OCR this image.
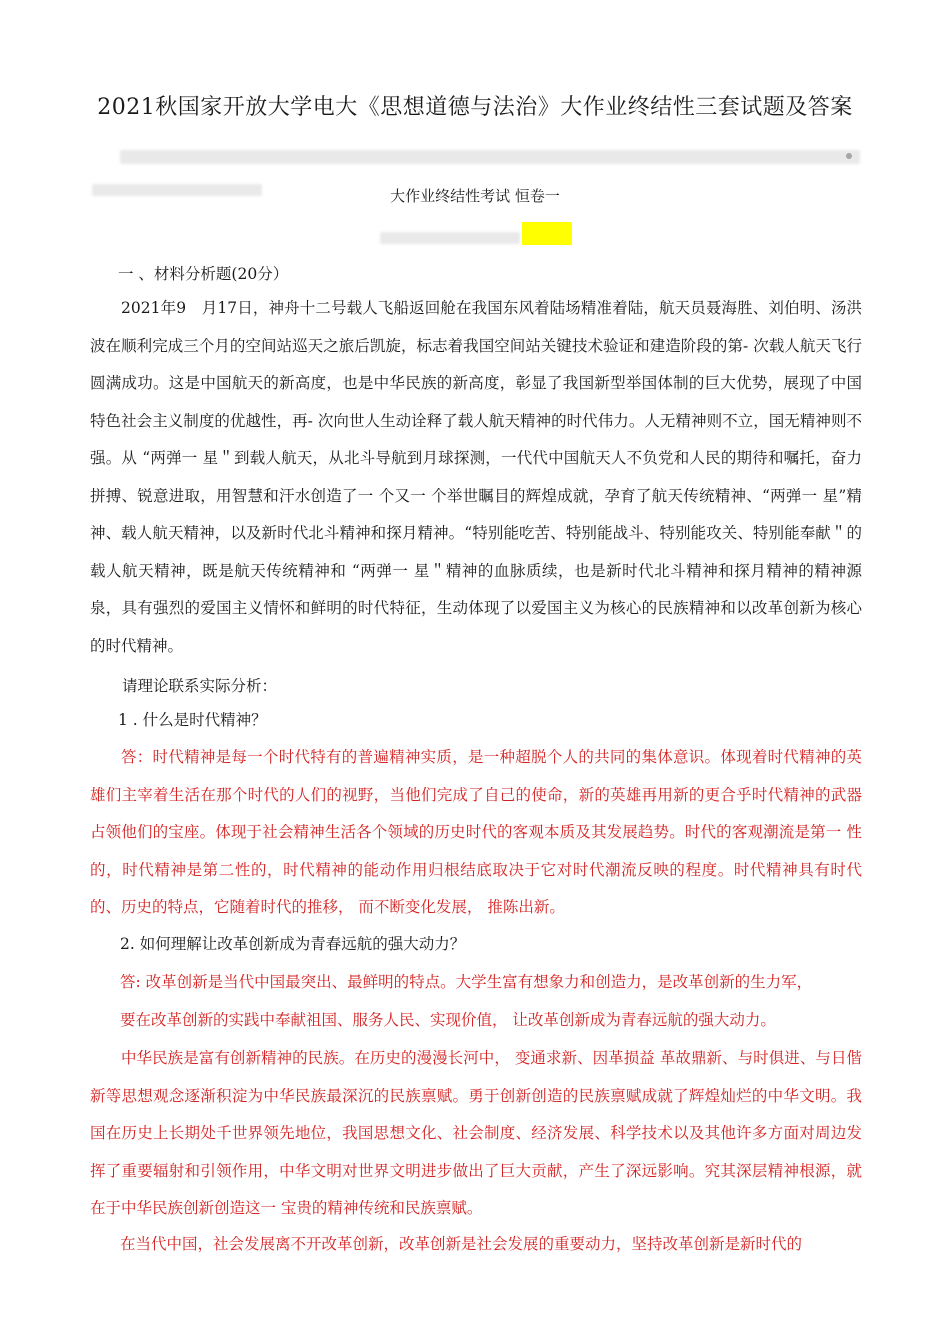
2021秋国家开放大学电大《思想道德与法治》大作业终结性三套试题及答案
大作业终结性考试 恒卷一
一 、材料分析题(20分）
2021年9　月17日，神舟十二号载人飞船返回舱在我国东风着陆场精准着陆，航天员聂海胜、刘伯明、汤洪波在顺利完成三个月的空间站巡天之旅后凯旋，标志着我国空间站关键技术验证和建造阶段的第- 次载人航天飞行圆满成功。这是中国航天的新高度，也是中华民族的新高度，彰显了我国新型举国体制的巨大优势，展现了中国特色社会主义制度的优越性，再- 次向世人生动诠释了载人航天精神的时代伟力。人无精神则不立，国无精神则不强。从 “两弹一 星＂到载人航天，从北斗导航到月球探测，一代代中国航天人不负党和人民的期待和嘱托，奋力拼搏、锐意进取，用智慧和汗水创造了一 个又一 个举世瞩目的辉煌成就，孕育了航天传统精神、“两弹一 星”精神、载人航天精神，以及新时代北斗精神和探月精神。“特别能吃苦、特别能战斗、特别能攻关、特别能奉献＂的载人航天精神，既是航天传统精神和 “两弹一 星＂精神的血脉质续，也是新时代北斗精神和探月精神的精神源泉，具有强烈的爱国主义情怀和鲜明的时代特征，生动体现了以爱国主义为核心的民族精神和以改革创新为核心的时代精神。
请理论联系实际分析：
1 . 什么是时代精神？
答：时代精神是每一个时代特有的普遍精神实质，是一种超脱个人的共同的集体意识。体现着时代精神的英雄们主宰着生活在那个时代的人们的视野，当他们完成了自己的使命，新的英雄再用新的更合乎时代精神的武器占领他们的宝座。体现于社会精神生活各个领域的历史时代的客观本质及其发展趋势。时代的客观潮流是第一 性的，时代精神是第二性的，时代精神的能动作用归根结底取决于它对时代潮流反映的程度。时代精神具有时代的、历史的特点，它随着时代的推移， 而不断变化发展， 推陈出新。
2. 如何理解让改革创新成为青春远航的强大动力？
答: 改革创新是当代中国最突出、最鲜明的特点。大学生富有想象力和创造力，是改革创新的生力军，
要在改革创新的实践中奉献祖国、服务人民、实现价值， 让改革创新成为青春远航的强大动力。
中华民族是富有创新精神的民族。在历史的漫漫长河中， 变通求新、因革损益 革故鼎新、与时俱进、与日偕新等思想观念逐渐积淀为中华民族最深沉的民族禀赋。勇于创新创造的民族禀赋成就了辉煌灿烂的中华文明。我国在历史上长期处千世界领先地位，我国思想文化、社会制度、经济发展、科学技术以及其他许多方面对周边发挥了重要辐射和引领作用，中华文明对世界文明进步做出了巨大贡献，产生了深远影响。究其深层精神根源，就在于中华民族创新创造这一 宝贵的精神传统和民族禀赋。
在当代中国，社会发展离不开改革创新，改革创新是社会发展的重要动力，坚持改革创新是新时代的
